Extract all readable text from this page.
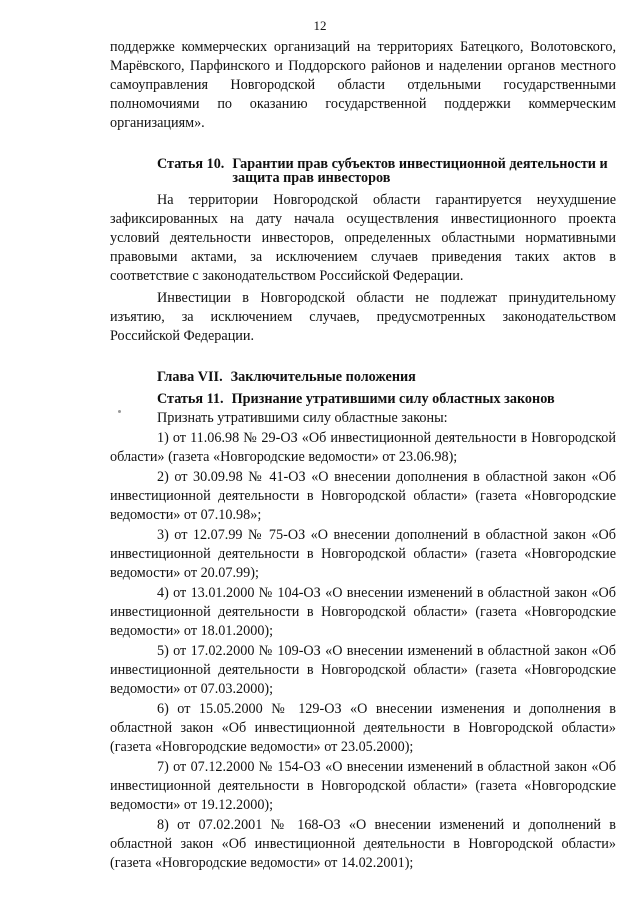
12

поддержке коммерческих организаций на территориях Батецкого, Волотовского, Марёвского, Парфинского и Поддорского районов и наделении органов местного самоуправления Новгородской области отдельными государственными полномочиями по оказанию государственной поддержки коммерческим организациям».

Статья 10. Гарантии прав субъектов инвестиционной деятельности и защита прав инвесторов

На территории Новгородской области гарантируется неухудшение зафиксированных на дату начала осуществления инвестиционного проекта условий деятельности инвесторов, определенных областными нормативными правовыми актами, за исключением случаев приведения таких актов в соответствие с законодательством Российской Федерации.

Инвестиции в Новгородской области не подлежат принудительному изъятию, за исключением случаев, предусмотренных законодательством Российской Федерации.

Глава VII. Заключительные положения
Статья 11. Признание утратившими силу областных законов

Признать утратившими силу областные законы:

1) от 11.06.98 № 29-ОЗ «Об инвестиционной деятельности в Новгородской области» (газета «Новгородские ведомости» от 23.06.98);

2) от 30.09.98 № 41-ОЗ «О внесении дополнения в областной закон «Об инвестиционной деятельности в Новгородской области» (газета «Новгородские ведомости» от 07.10.98»;

3) от 12.07.99 № 75-ОЗ «О внесении дополнений в областной закон «Об инвестиционной деятельности в Новгородской области» (газета «Новгородские ведомости» от 20.07.99);

4) от 13.01.2000 № 104-ОЗ «О внесении изменений в областной закон «Об инвестиционной деятельности в Новгородской области» (газета «Новгородские ведомости» от 18.01.2000);

5) от 17.02.2000 № 109-ОЗ «О внесении изменений в областной закон «Об инвестиционной деятельности в Новгородской области» (газета «Новгородские ведомости» от 07.03.2000);

6) от 15.05.2000 № 129-ОЗ «О внесении изменения и дополнения в областной закон «Об инвестиционной деятельности в Новгородской области» (газета «Новгородские ведомости» от 23.05.2000);

7) от 07.12.2000 № 154-ОЗ «О внесении изменений в областной закон «Об инвестиционной деятельности в Новгородской области» (газета «Новгородские ведомости» от 19.12.2000);

8) от 07.02.2001 № 168-ОЗ «О внесении изменений и дополнений в областной закон «Об инвестиционной деятельности в Новгородской области» (газета «Новгородские ведомости» от 14.02.2001);
